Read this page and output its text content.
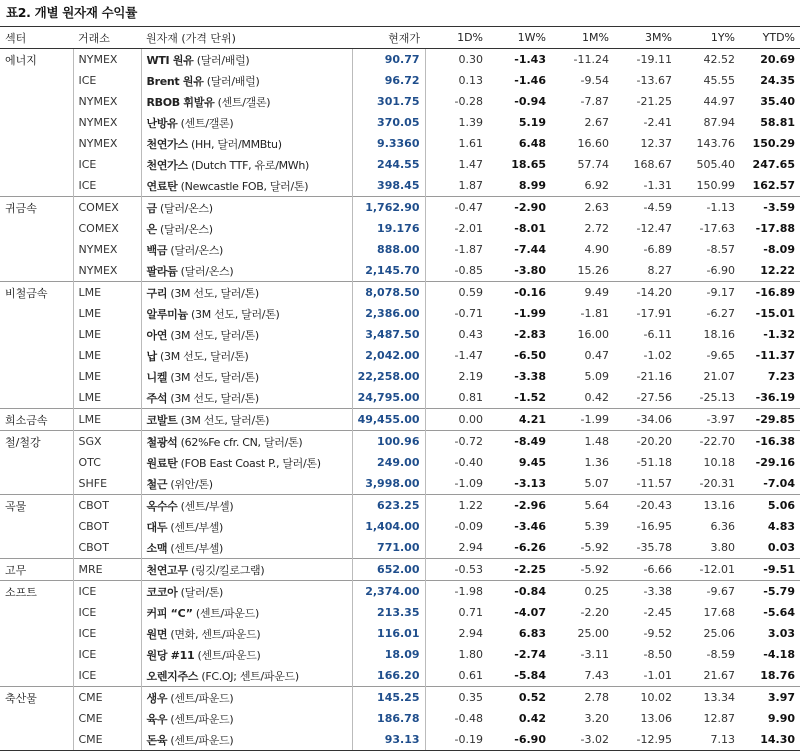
표2. 개별 원자재 수익률
섹터	거래소	원자재 (가격 단위)	현재가	1D%	1W%	1M%	3M%	1Y%	YTD%
에너지	NYMEX	WTI 원유 (달러/배럴)	90.77	0.30	-1.43	-11.24	-19.11	42.52	20.69
	ICE	Brent 원유 (달러/배럴)	96.72	0.13	-1.46	-9.54	-13.67	45.55	24.35
	NYMEX	RBOB 휘발유 (센트/갤론)	301.75	-0.28	-0.94	-7.87	-21.25	44.97	35.40
	NYMEX	난방유 (센트/갤론)	370.05	1.39	5.19	2.67	-2.41	87.94	58.81
	NYMEX	천연가스 (HH, 달러/MMBtu)	9.3360	1.61	6.48	16.60	12.37	143.76	150.29
	ICE	천연가스 (Dutch TTF, 유로/MWh)	244.55	1.47	18.65	57.74	168.67	505.40	247.65
	ICE	연료탄 (Newcastle FOB, 달러/톤)	398.45	1.87	8.99	6.92	-1.31	150.99	162.57
귀금속	COMEX	금 (달러/온스)	1,762.90	-0.47	-2.90	2.63	-4.59	-1.13	-3.59
	COMEX	은 (달러/온스)	19.176	-2.01	-8.01	2.72	-12.47	-17.63	-17.88
	NYMEX	백금 (달러/온스)	888.00	-1.87	-7.44	4.90	-6.89	-8.57	-8.09
	NYMEX	팔라듐 (달러/온스)	2,145.70	-0.85	-3.80	15.26	8.27	-6.90	12.22
비철금속	LME	구리 (3M 선도, 달러/톤)	8,078.50	0.59	-0.16	9.49	-14.20	-9.17	-16.89
	LME	알루미늄 (3M 선도, 달러/톤)	2,386.00	-0.71	-1.99	-1.81	-17.91	-6.27	-15.01
	LME	아연 (3M 선도, 달러/톤)	3,487.50	0.43	-2.83	16.00	-6.11	18.16	-1.32
	LME	납 (3M 선도, 달러/톤)	2,042.00	-1.47	-6.50	0.47	-1.02	-9.65	-11.37
	LME	니켈 (3M 선도, 달러/톤)	22,258.00	2.19	-3.38	5.09	-21.16	21.07	7.23
	LME	주석 (3M 선도, 달러/톤)	24,795.00	0.81	-1.52	0.42	-27.56	-25.13	-36.19
희소금속	LME	코발트 (3M 선도, 달러/톤)	49,455.00	0.00	4.21	-1.99	-34.06	-3.97	-29.85
철/철강	SGX	철광석 (62%Fe cfr. CN, 달러/톤)	100.96	-0.72	-8.49	1.48	-20.20	-22.70	-16.38
	OTC	원료탄 (FOB East Coast P., 달러/톤)	249.00	-0.40	9.45	1.36	-51.18	10.18	-29.16
	SHFE	철근 (위안/톤)	3,998.00	-1.09	-3.13	5.07	-11.57	-20.31	-7.04
곡물	CBOT	옥수수 (센트/부셸)	623.25	1.22	-2.96	5.64	-20.43	13.16	5.06
	CBOT	대두 (센트/부셸)	1,404.00	-0.09	-3.46	5.39	-16.95	6.36	4.83
	CBOT	소맥 (센트/부셸)	771.00	2.94	-6.26	-5.92	-35.78	3.80	0.03
고무	MRE	천연고무 (링깃/킬로그램)	652.00	-0.53	-2.25	-5.92	-6.66	-12.01	-9.51
소프트	ICE	코코아 (달러/톤)	2,374.00	-1.98	-0.84	0.25	-3.38	-9.67	-5.79
	ICE	커피 “C” (센트/파운드)	213.35	0.71	-4.07	-2.20	-2.45	17.68	-5.64
	ICE	원면 (면화, 센트/파운드)	116.01	2.94	6.83	25.00	-9.52	25.06	3.03
	ICE	원당 #11 (센트/파운드)	18.09	1.80	-2.74	-3.11	-8.50	-8.59	-4.18
	ICE	오렌지주스 (FC.OJ; 센트/파운드)	166.20	0.61	-5.84	7.43	-1.01	21.67	18.76
축산물	CME	생우 (센트/파운드)	145.25	0.35	0.52	2.78	10.02	13.34	3.97
	CME	육우 (센트/파운드)	186.78	-0.48	0.42	3.20	13.06	12.87	9.90
	CME	돈육 (센트/파운드)	93.13	-0.19	-6.90	-3.02	-12.95	7.13	14.30
